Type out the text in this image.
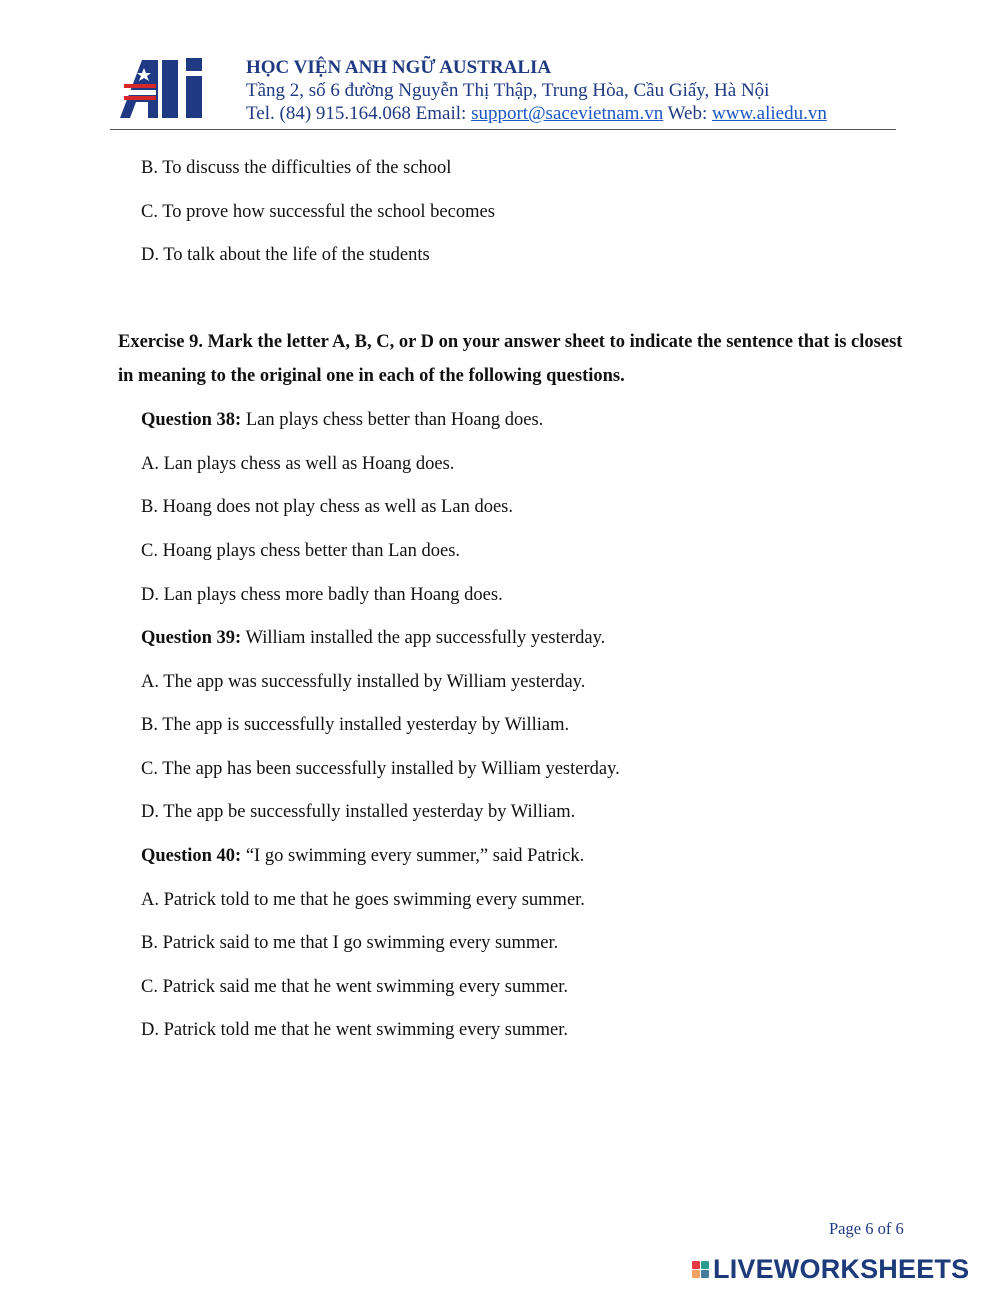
HỌC VIỆN ANH NGỮ AUSTRALIA
Tầng 2, số 6 đường Nguyễn Thị Thập, Trung Hòa, Cầu Giấy, Hà Nội
Tel. (84) 915.164.068 Email: support@sacevietnam.vn Web: www.aliedu.vn
B. To discuss the difficulties of the school
C. To prove how successful the school becomes
D. To talk about the life of the students
Exercise 9. Mark the letter A, B, C, or D on your answer sheet to indicate the sentence that is closest in meaning to the original one in each of the following questions.
Question 38: Lan plays chess better than Hoang does.
A. Lan plays chess as well as Hoang does.
B. Hoang does not play chess as well as Lan does.
C. Hoang plays chess better than Lan does.
D. Lan plays chess more badly than Hoang does.
Question 39: William installed the app successfully yesterday.
A. The app was successfully installed by William yesterday.
B. The app is successfully installed yesterday by William.
C. The app has been successfully installed by William yesterday.
D. The app be successfully installed yesterday by William.
Question 40: “I go swimming every summer,” said Patrick.
A. Patrick told to me that he goes swimming every summer.
B. Patrick said to me that I go swimming every summer.
C. Patrick said me that he went swimming every summer.
D. Patrick told me that he went swimming every summer.
Page 6 of 6
LIVEWORKSHEETS
